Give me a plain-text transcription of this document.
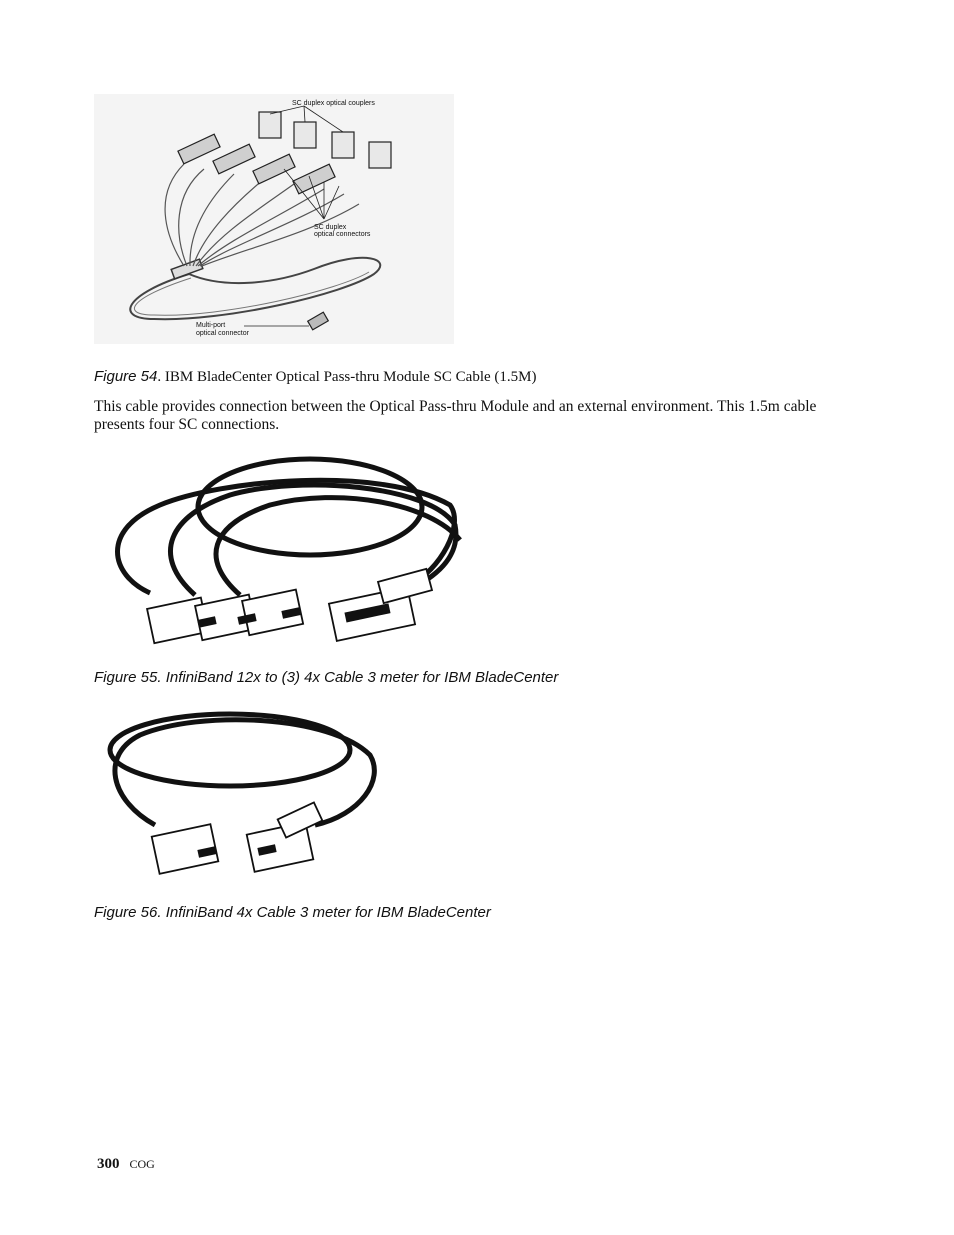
SC duplex optical couplers
SC duplex
optical connectors
Multi-port
optical connector
Figure 54. IBM BladeCenter Optical Pass-thru Module SC Cable (1.5M)
This cable provides connection between the Optical Pass-thru Module and an external environment. This 1.5m cable presents four SC connections.
Figure 55. InfiniBand 12x to (3) 4x Cable 3 meter for IBM BladeCenter
Figure 56. InfiniBand 4x Cable 3 meter for IBM BladeCenter
300 COG
